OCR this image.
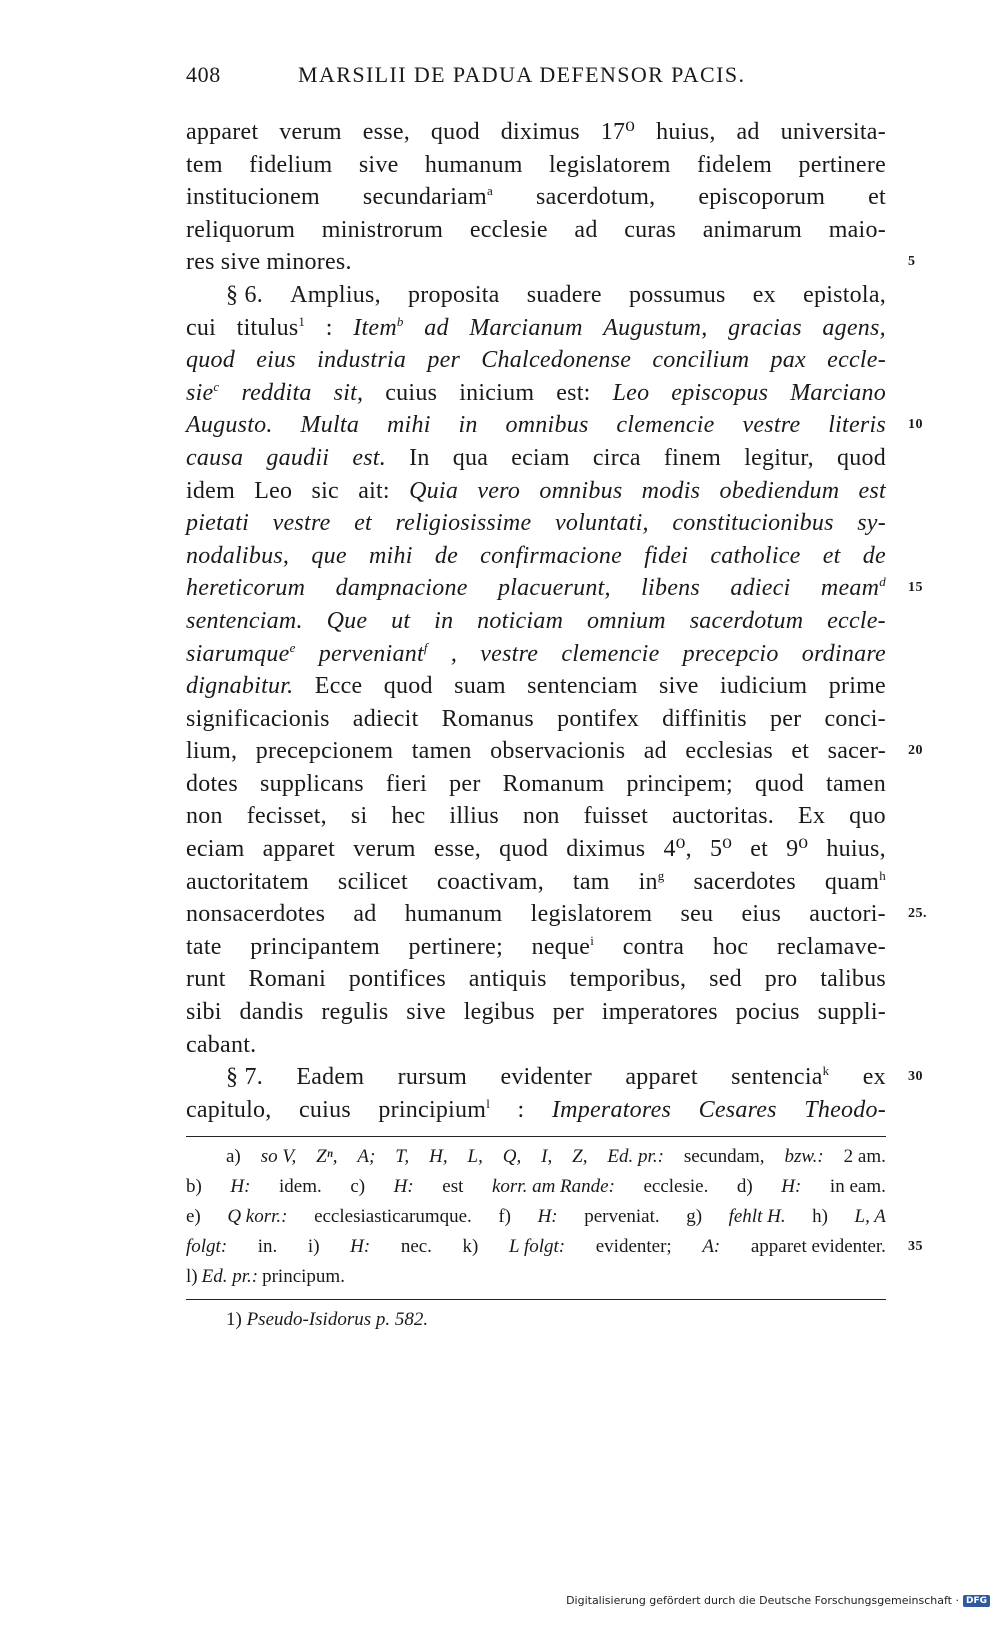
408	MARSILII DE PADUA DEFENSOR PACIS.
apparet verum esse, quod diximus 17⁰ huius, ad universita-
tem fidelium sive humanum legislatorem fidelem pertinere
institucionem secundariam$^a$ sacerdotum, episcoporum et
reliquorum ministrorum ecclesie ad curas animarum maio-
res sive minores.	5
§ 6. Amplius, proposita suadere possumus ex epistola,
cui titulus$^1$ : Item$^b$ ad Marcianum Augustum, gracias agens,
quod eius industria per Chalcedonense concilium pax eccle-
sie$^c$ reddita sit, cuius inicium est: Leo episcopus Marciano
Augusto. Multa mihi in omnibus clemencie vestre literis 10
causa gaudii est. In qua eciam circa finem legitur, quod
idem Leo sic ait: Quia vero omnibus modis obediendum est
pietati vestre et religiosissime voluntati, constitucionibus sy-
nodalibus, que mihi de confirmacione fidei catholice et de
hereticorum dampnacione placuerunt, libens adieci meam$^d$ 15
sentenciam. Que ut in noticiam omnium sacerdotum eccle-
siarumque$^e$ perveniant$^f$ , vestre clemencie precepcio ordinare
dignabitur. Ecce quod suam sentenciam sive iudicium prime
significacionis adiecit Romanus pontifex diffinitis per conci-
lium, precepcionem tamen observacionis ad ecclesias et sacer- 20
dotes supplicans fieri per Romanum principem; quod tamen
non fecisset, si hec illius non fuisset auctoritas. Ex quo
eciam apparet verum esse, quod diximus 4⁰, 5⁰ et 9⁰ huius,
auctoritatem scilicet coactivam, tam $in^g$ sacerdotes quam$^h$
nonsacerdotes ad humanum legislatorem seu eius auctori- 25.
tate principantem pertinere; neque$^i$ contra hoc reclamave-
runt Romani pontifices antiquis temporibus, sed pro talibus
sibi dandis regulis sive legibus per imperatores pocius suppli-
cabant.
§ 7. Eadem rursum evidenter apparet sentencia$^k$ ex 30
capitulo, cuius principium$^l$ : Imperatores Cesares Theodo-
a) so V, Zⁿ, A; T, H, L, Q, I, Z, Ed. pr.: secundam, bzw.: 2 am.
b) H: idem. c) H: est korr. am Rande: ecclesie. d) H: in eam.
e) Q korr.: ecclesiasticarumque. f) H: perveniat. g) fehlt H. h) L, A
folgt: in. i) H: nec. k) L folgt: evidenter; A: apparet evidenter. 35
l) Ed. pr.: principum.
1) Pseudo-Isidorus p. 582.
Digitalisierung gefördert durch die Deutsche Forschungsgemeinschaft · DFG
